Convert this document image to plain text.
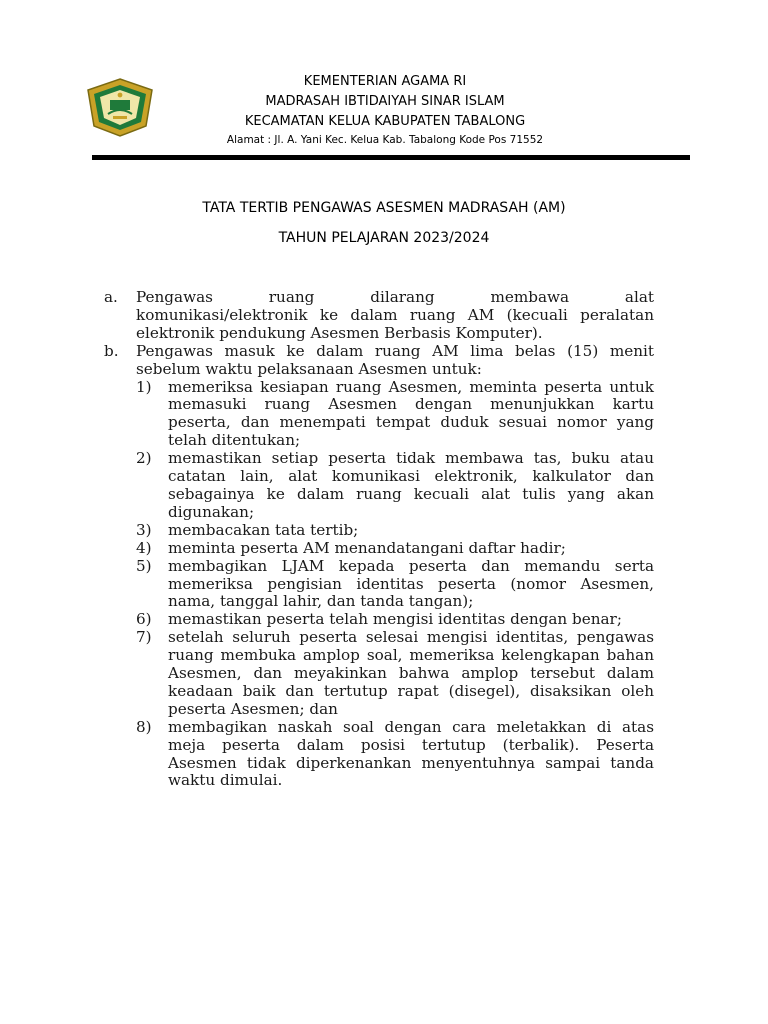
KEMENTERIAN AGAMA RI
MADRASAH IBTIDAIYAH SINAR ISLAM
KECAMATAN KELUA KABUPATEN TABALONG
Alamat : Jl. A. Yani Kec. Kelua Kab. Tabalong Kode Pos 71552
TATA TERTIB PENGAWAS ASESMEN MADRASAH (AM)
TAHUN PELAJARAN 2023/2024
a. Pengawas ruang dilarang membawa alat
komunikasi/elektronik ke dalam ruang AM (kecuali peralatan elektronik pendukung Asesmen Berbasis Komputer).
b. Pengawas masuk ke dalam ruang AM lima belas (15) menit sebelum waktu pelaksanaan Asesmen untuk:
1) memeriksa kesiapan ruang Asesmen, meminta peserta untuk memasuki ruang Asesmen dengan menunjukkan kartu peserta, dan menempati tempat duduk sesuai nomor yang telah ditentukan;
2) memastikan setiap peserta tidak membawa tas, buku atau catatan lain, alat komunikasi elektronik, kalkulator dan sebagainya ke dalam ruang kecuali alat tulis yang akan digunakan;
3) membacakan tata tertib;
4) meminta peserta AM menandatangani daftar hadir;
5) membagikan LJAM kepada peserta dan memandu serta memeriksa pengisian identitas peserta (nomor Asesmen, nama, tanggal lahir, dan tanda tangan);
6) memastikan peserta telah mengisi identitas dengan benar;
7) setelah seluruh peserta selesai mengisi identitas, pengawas ruang membuka amplop soal, memeriksa kelengkapan bahan Asesmen, dan meyakinkan bahwa amplop tersebut dalam keadaan baik dan tertutup rapat (disegel), disaksikan oleh peserta Asesmen; dan
8) membagikan naskah soal dengan cara meletakkan di atas meja peserta dalam posisi tertutup (terbalik). Peserta Asesmen tidak diperkenankan menyentuhnya sampai tanda waktu dimulai.
